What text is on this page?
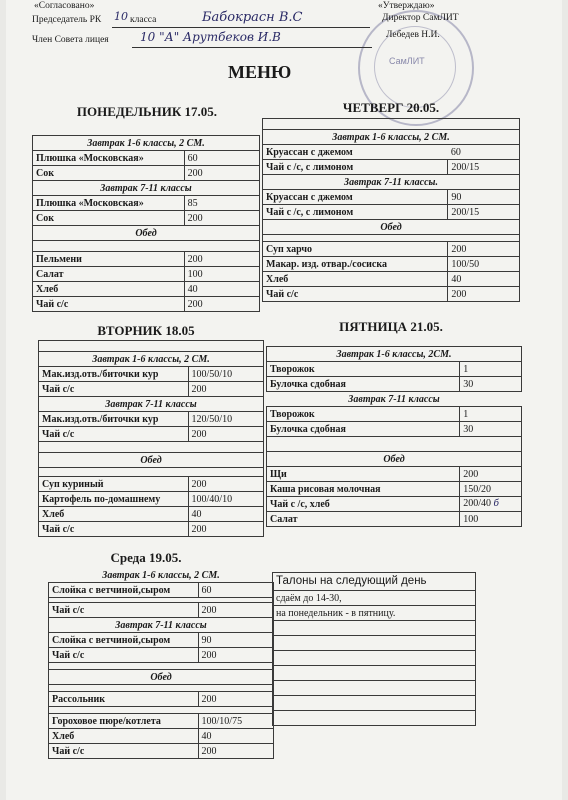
СамЛИТ
«Согласовано»	«Утверждаю»
Председатель РК 10 класса	Бабокрасн В.С	Директор СамЛИТ
Член Совета лицея	10 "А" Арутбеков И.В	Лебедев Н.И.
МЕНЮ
ПОНЕДЕЛЬНИК 17.05.

Завтрак 1-6 классы, 2 СМ.	
Плюшка «Московская»	60
Сок	200
Завтрак 7-11 классы	
Плюшка «Московская»	85
Сок	200
Обед	

Пельмени	200
Салат	100
Хлеб	40
Чай с/с	200
ВТОРНИК 18.05

Завтрак 1-6 классы, 2 СМ.	
Мак.изд.отв./биточки кур	100/50/10
Чай с/с	200
Завтрак 7-11 классы	
Мак.изд.отв./биточки кур	120/50/10
Чай с/с	200

Обед	

Суп куриный	200
Картофель по-домашнему	100/40/10
Хлеб	40
Чай с/с	200
Среда 19.05.
Завтрак 1-6 классы, 2 СМ.	
Слойка с ветчиной,сыром	60

Чай с/с	200
Завтрак 7-11 классы	
Слойка с ветчиной,сыром	90
Чай с/с	200

Обед	

Рассольник	200

Гороховое пюре/котлета	100/10/75
Хлеб	40
Чай с/с	200
ЧЕТВЕРГ 20.05.

Завтрак 1-6 классы, 2 СМ.	
Круассан с джемом	60
Чай с /с, с лимоном	200/15
Завтрак 7-11 классы.	
Круассан с джемом	90
Чай с /с, с лимоном	200/15
Обед	

Суп харчо	200
Макар. изд. отвар./сосиска	100/50
Хлеб	40
Чай с/с	200
ПЯТНИЦА 21.05.
Завтрак 1-6 классы, 2СМ.	
Творожок	1
Булочка сдобная	30
Завтрак 7-11 классы	
Творожок	1
Булочка сдобная	30

Обед	
Щи	200
Каша рисовая молочная	150/20
Чай с /с, хлеб	200/40 б
Салат	100
Талоны на следующий день
сдаём до 14-30,
на понедельник - в пятницу.
